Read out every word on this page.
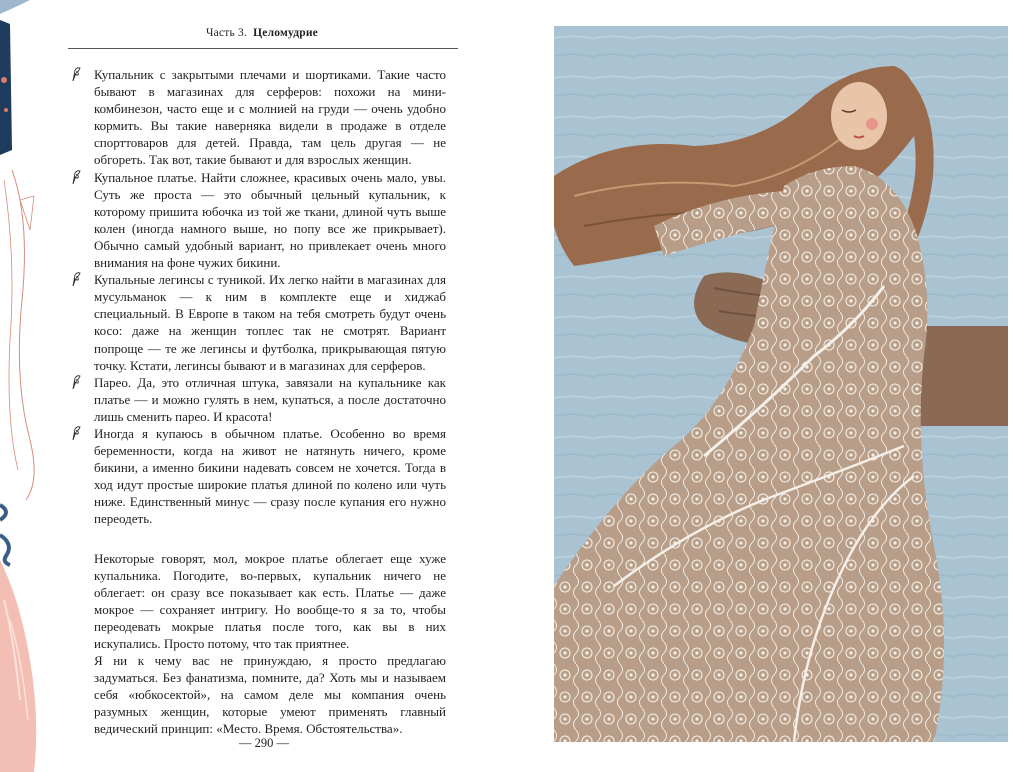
Часть 3. Целомудрие

Купальник с закрытыми плечами и шортиками. Такие часто бывают в магазинах для серферов: похожи на мини-комбинезон, часто еще и с молнией на груди — очень удобно кормить. Вы такие наверняка видели в продаже в отделе спорттоваров для детей. Правда, там цель другая — не обгореть. Так вот, такие бывают и для взрослых женщин.

Купальное платье. Найти сложнее, красивых очень мало, увы. Суть же проста — это обычный цельный купальник, к которому пришита юбочка из той же ткани, длиной чуть выше колен (иногда намного выше, но попу все же прикрывает). Обычно самый удобный вариант, но привлекает очень много внимания на фоне чужих бикини.

Купальные легинсы с туникой. Их легко найти в магазинах для мусульманок — к ним в комплекте еще и хиджаб специальный. В Европе в таком на тебя смотреть будут очень косо: даже на женщин топлес так не смотрят. Вариант попроще — те же легинсы и футболка, прикрывающая пятую точку. Кстати, легинсы бывают и в магазинах для серферов.

Парео. Да, это отличная штука, завязали на купальнике как платье — и можно гулять в нем, купаться, а после достаточно лишь сменить парео. И красота!

Иногда я купаюсь в обычном платье. Особенно во время беременности, когда на живот не натянуть ничего, кроме бикини, а именно бикини надевать совсем не хочется. Тогда в ход идут простые широкие платья длиной по колено или чуть ниже. Единственный минус — сразу после купания его нужно переодеть.

Некоторые говорят, мол, мокрое платье облегает еще хуже купальника. Погодите, во-первых, купальник ничего не облегает: он сразу все показывает как есть. Платье — даже мокрое — сохраняет интригу. Но вообще-то я за то, чтобы переодевать мокрые платья после того, как вы в них искупались. Просто потому, что так приятнее.

Я ни к чему вас не принуждаю, я просто предлагаю задуматься. Без фанатизма, помните, да? Хоть мы и называем себя «юбкосектой», на самом деле мы компания очень разумных женщин, которые умеют применять главный ведический принцип: «Место. Время. Обстоятельства».

— 290 —
